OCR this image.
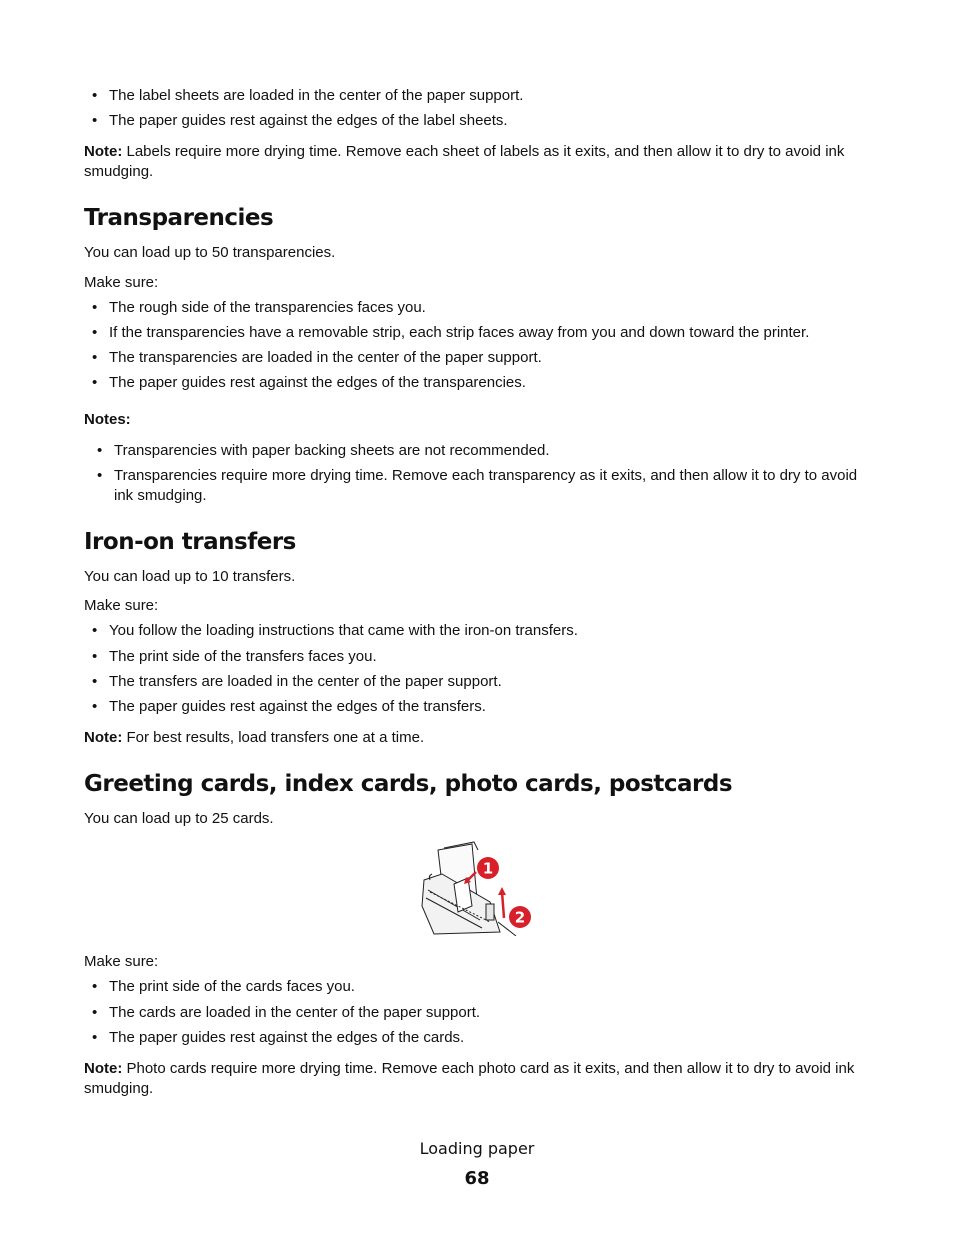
• The label sheets are loaded in the center of the paper support.
• The paper guides rest against the edges of the label sheets.
Note: Labels require more drying time. Remove each sheet of labels as it exits, and then allow it to dry to avoid ink smudging.
Transparencies
You can load up to 50 transparencies.
Make sure:
• The rough side of the transparencies faces you.
• If the transparencies have a removable strip, each strip faces away from you and down toward the printer.
• The transparencies are loaded in the center of the paper support.
• The paper guides rest against the edges of the transparencies.
Notes:
• Transparencies with paper backing sheets are not recommended.
• Transparencies require more drying time. Remove each transparency as it exits, and then allow it to dry to avoid ink smudging.
Iron-on transfers
You can load up to 10 transfers.
Make sure:
• You follow the loading instructions that came with the iron-on transfers.
• The print side of the transfers faces you.
• The transfers are loaded in the center of the paper support.
• The paper guides rest against the edges of the transfers.
Note: For best results, load transfers one at a time.
Greeting cards, index cards, photo cards, postcards
You can load up to 25 cards.
1
2
Make sure:
• The print side of the cards faces you.
• The cards are loaded in the center of the paper support.
• The paper guides rest against the edges of the cards.
Note: Photo cards require more drying time. Remove each photo card as it exits, and then allow it to dry to avoid ink smudging.
Loading paper
68
